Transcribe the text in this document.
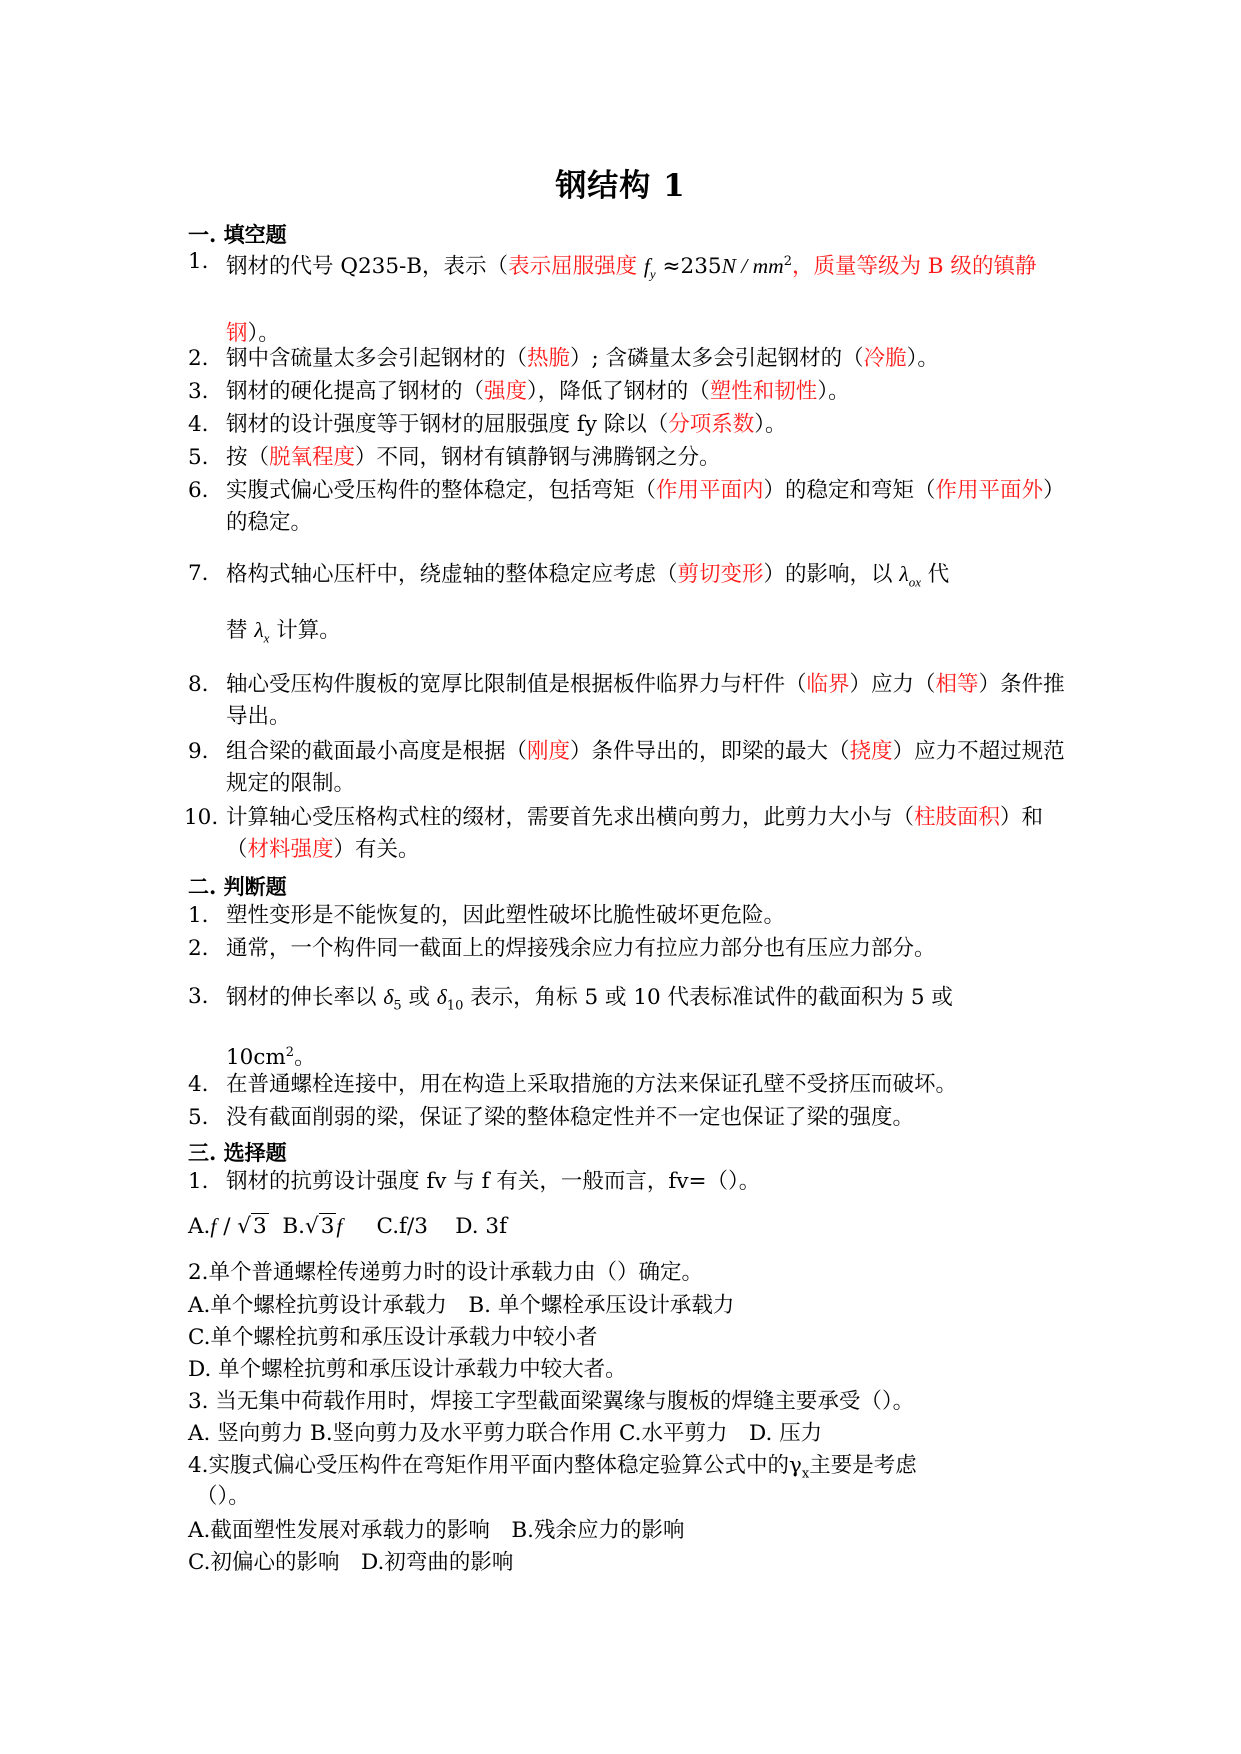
钢结构 1
一. 填空题
1. 钢材的代号 Q235-B，表示（表示屈服强度 $f_y \approx 235N / mm^2$，质量等级为 B 级的镇静钢）。
2. 钢中含硫量太多会引起钢材的（热脆）; 含磷量太多会引起钢材的（冷脆）。
3. 钢材的硬化提高了钢材的（强度），降低了钢材的（塑性和韧性）。
4. 钢材的设计强度等于钢材的屈服强度 fy 除以（分项系数）。
5. 按（脱氧程度）不同，钢材有镇静钢与沸腾钢之分。
6. 实腹式偏心受压构件的整体稳定，包括弯矩（作用平面内）的稳定和弯矩（作用平面外）的稳定。
7. 格构式轴心压杆中，绕虚轴的整体稳定应考虑（剪切变形）的影响，以 $\lambda_{ox}$ 代
替 $\lambda_x$ 计算。
8. 轴心受压构件腹板的宽厚比限制值是根据板件临界力与杆件（临界）应力（相等）条件推导出。
9. 组合梁的截面最小高度是根据（刚度）条件导出的，即梁的最大（挠度）应力不超过规范规定的限制。
10. 计算轴心受压格构式柱的缀材，需要首先求出横向剪力，此剪力大小与（柱肢面积）和（材料强度）有关。
二. 判断题
1. 塑性变形是不能恢复的，因此塑性破坏比脆性破坏更危险。
2. 通常，一个构件同一截面上的焊接残余应力有拉应力部分也有压应力部分。
3. 钢材的伸长率以 $\delta_5$ 或 $\delta_{10}$ 表示，角标 5 或 10 代表标准试件的截面积为 5 或
$10cm^2$。
4. 在普通螺栓连接中，用在构造上采取措施的方法来保证孔壁不受挤压而破坏。
5. 没有截面削弱的梁，保证了梁的整体稳定性并不一定也保证了梁的强度。
三. 选择题
1. 钢材的抗剪设计强度 fv 与 f 有关，一般而言，fv=（）。
A.f / √3 B.√3f C.f/3 D. 3f
2.单个普通螺栓传递剪力时的设计承载力由（）确定。
A.单个螺栓抗剪设计承载力　B. 单个螺栓承压设计承载力
C.单个螺栓抗剪和承压设计承载力中较小者
D. 单个螺栓抗剪和承压设计承载力中较大者。
3. 当无集中荷载作用时，焊接工字型截面梁翼缘与腹板的焊缝主要承受（）。
A. 竖向剪力 B.竖向剪力及水平剪力联合作用 C.水平剪力　D. 压力
4.实腹式偏心受压构件在弯矩作用平面内整体稳定验算公式中的$\gamma_x$主要是考虑
（）。
A.截面塑性发展对承载力的影响　B.残余应力的影响
C.初偏心的影响　D.初弯曲的影响
